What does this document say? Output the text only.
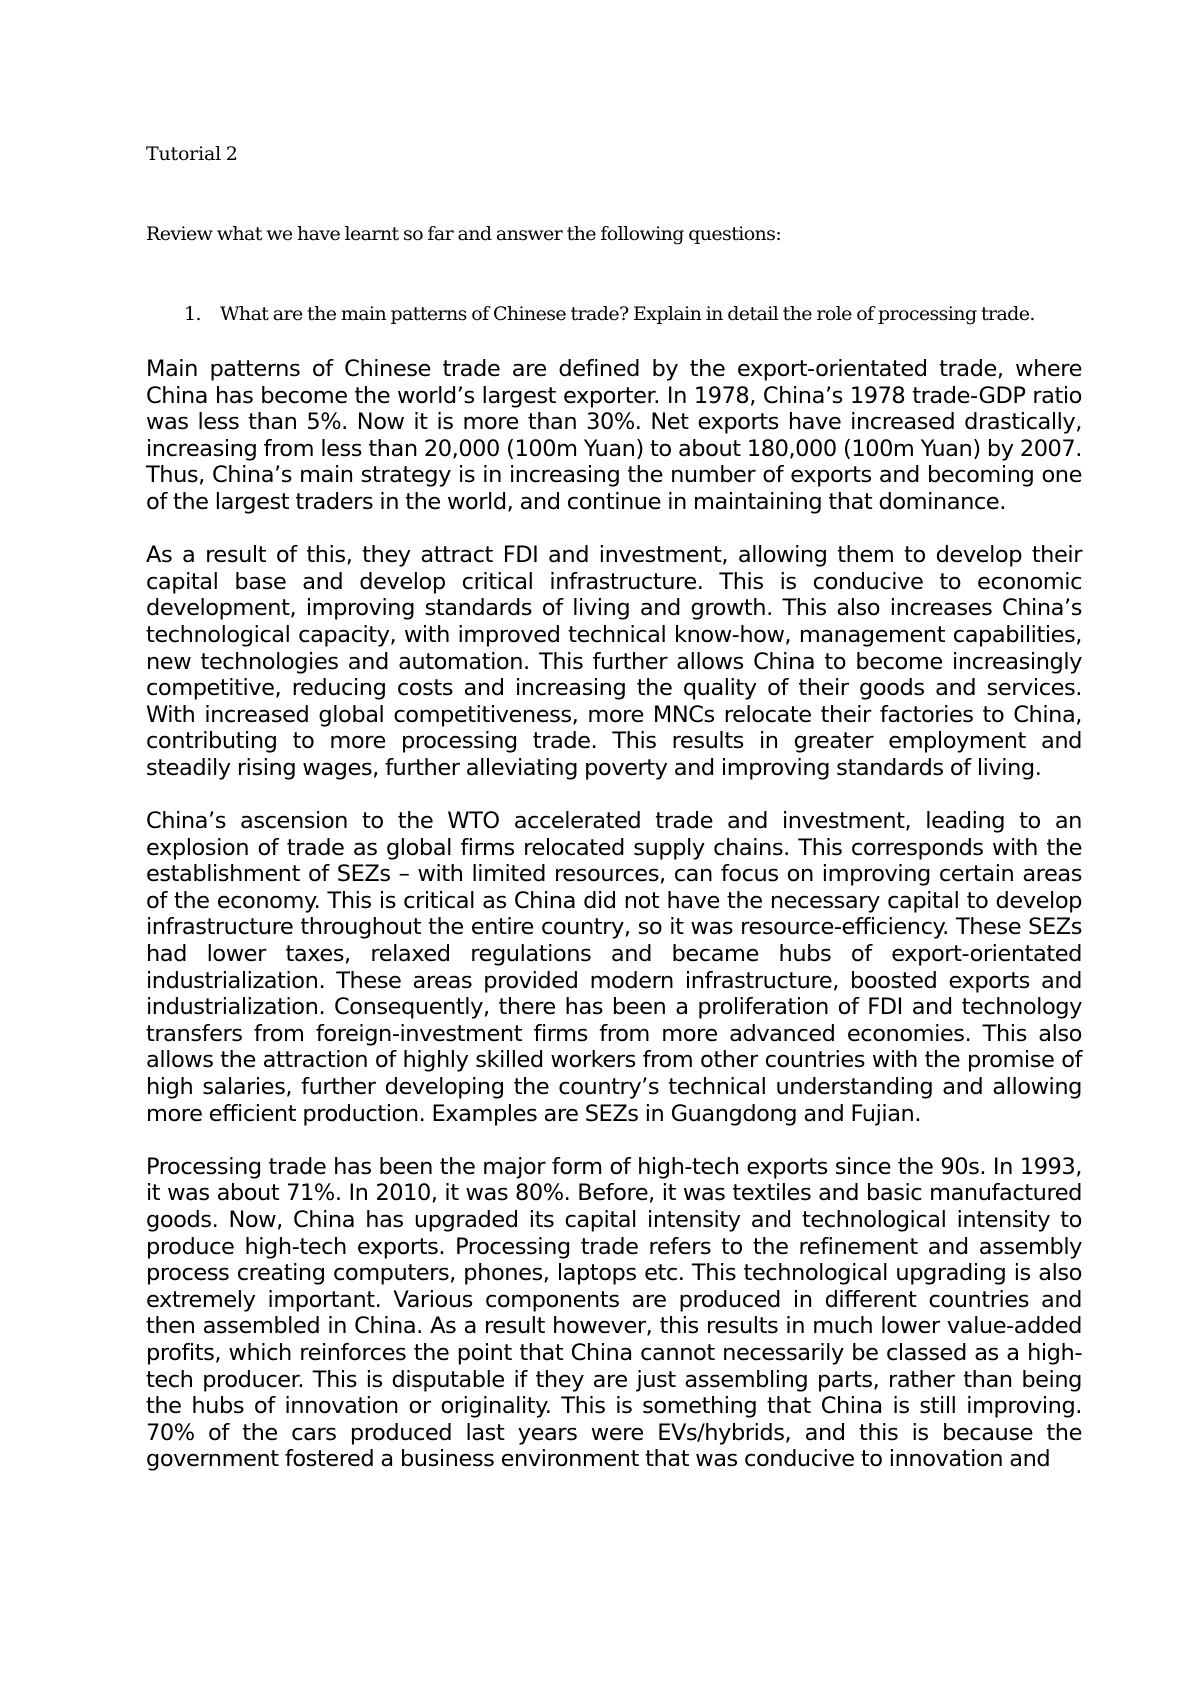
Tutorial 2

Review what we have learnt so far and answer the following questions:

1. What are the main patterns of Chinese trade? Explain in detail the role of processing trade.

Main patterns of Chinese trade are defined by the export-orientated trade, where China has become the world’s largest exporter. In 1978, China’s 1978 trade-GDP ratio was less than 5%. Now it is more than 30%. Net exports have increased drastically, increasing from less than 20,000 (100m Yuan) to about 180,000 (100m Yuan) by 2007. Thus, China’s main strategy is in increasing the number of exports and becoming one of the largest traders in the world, and continue in maintaining that dominance.

As a result of this, they attract FDI and investment, allowing them to develop their capital base and develop critical infrastructure. This is conducive to economic development, improving standards of living and growth. This also increases China’s technological capacity, with improved technical know-how, management capabilities, new technologies and automation. This further allows China to become increasingly competitive, reducing costs and increasing the quality of their goods and services. With increased global competitiveness, more MNCs relocate their factories to China, contributing to more processing trade. This results in greater employment and steadily rising wages, further alleviating poverty and improving standards of living.

China’s ascension to the WTO accelerated trade and investment, leading to an explosion of trade as global firms relocated supply chains. This corresponds with the establishment of SEZs – with limited resources, can focus on improving certain areas of the economy. This is critical as China did not have the necessary capital to develop infrastructure throughout the entire country, so it was resource-efficiency. These SEZs had lower taxes, relaxed regulations and became hubs of export-orientated industrialization. These areas provided modern infrastructure, boosted exports and industrialization. Consequently, there has been a proliferation of FDI and technology transfers from foreign-investment firms from more advanced economies. This also allows the attraction of highly skilled workers from other countries with the promise of high salaries, further developing the country’s technical understanding and allowing more efficient production. Examples are SEZs in Guangdong and Fujian.

Processing trade has been the major form of high-tech exports since the 90s. In 1993, it was about 71%. In 2010, it was 80%. Before, it was textiles and basic manufactured goods. Now, China has upgraded its capital intensity and technological intensity to produce high-tech exports. Processing trade refers to the refinement and assembly process creating computers, phones, laptops etc. This technological upgrading is also extremely important. Various components are produced in different countries and then assembled in China. As a result however, this results in much lower value-added profits, which reinforces the point that China cannot necessarily be classed as a high-tech producer. This is disputable if they are just assembling parts, rather than being the hubs of innovation or originality. This is something that China is still improving. 70% of the cars produced last years were EVs/hybrids, and this is because the government fostered a business environment that was conducive to innovation and
